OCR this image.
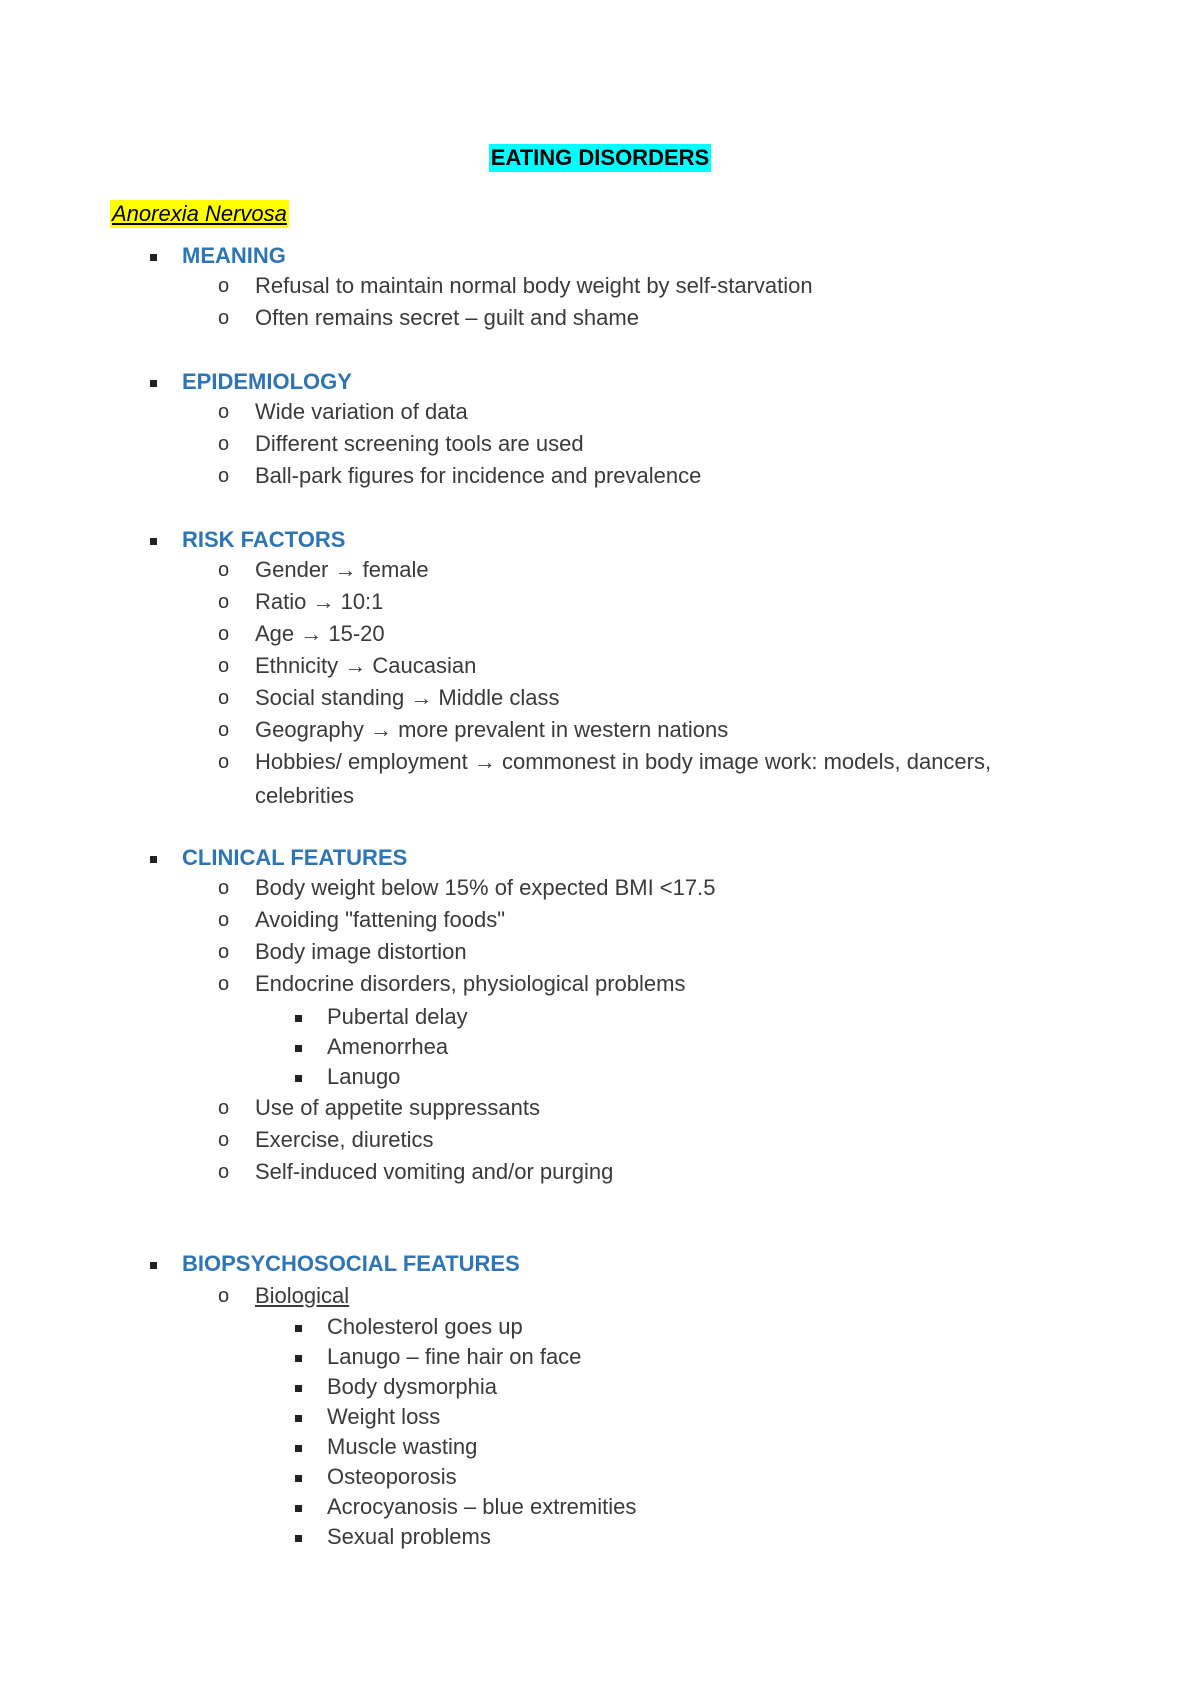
EATING DISORDERS
Anorexia Nervosa
MEANING
o Refusal to maintain normal body weight by self-starvation
o Often remains secret – guilt and shame
EPIDEMIOLOGY
o Wide variation of data
o Different screening tools are used
o Ball-park figures for incidence and prevalence
RISK FACTORS
o Gender → female
o Ratio → 10:1
o Age → 15-20
o Ethnicity → Caucasian
o Social standing → Middle class
o Geography → more prevalent in western nations
o Hobbies/ employment → commonest in body image work: models, dancers,
celebrities
CLINICAL FEATURES
o Body weight below 15% of expected BMI <17.5
o Avoiding "fattening foods"
o Body image distortion
o Endocrine disorders, physiological problems
Pubertal delay
Amenorrhea
Lanugo
o Use of appetite suppressants
o Exercise, diuretics
o Self-induced vomiting and/or purging
BIOPSYCHOSOCIAL FEATURES
o Biological
Cholesterol goes up
Lanugo – fine hair on face
Body dysmorphia
Weight loss
Muscle wasting
Osteoporosis
Acrocyanosis – blue extremities
Sexual problems
